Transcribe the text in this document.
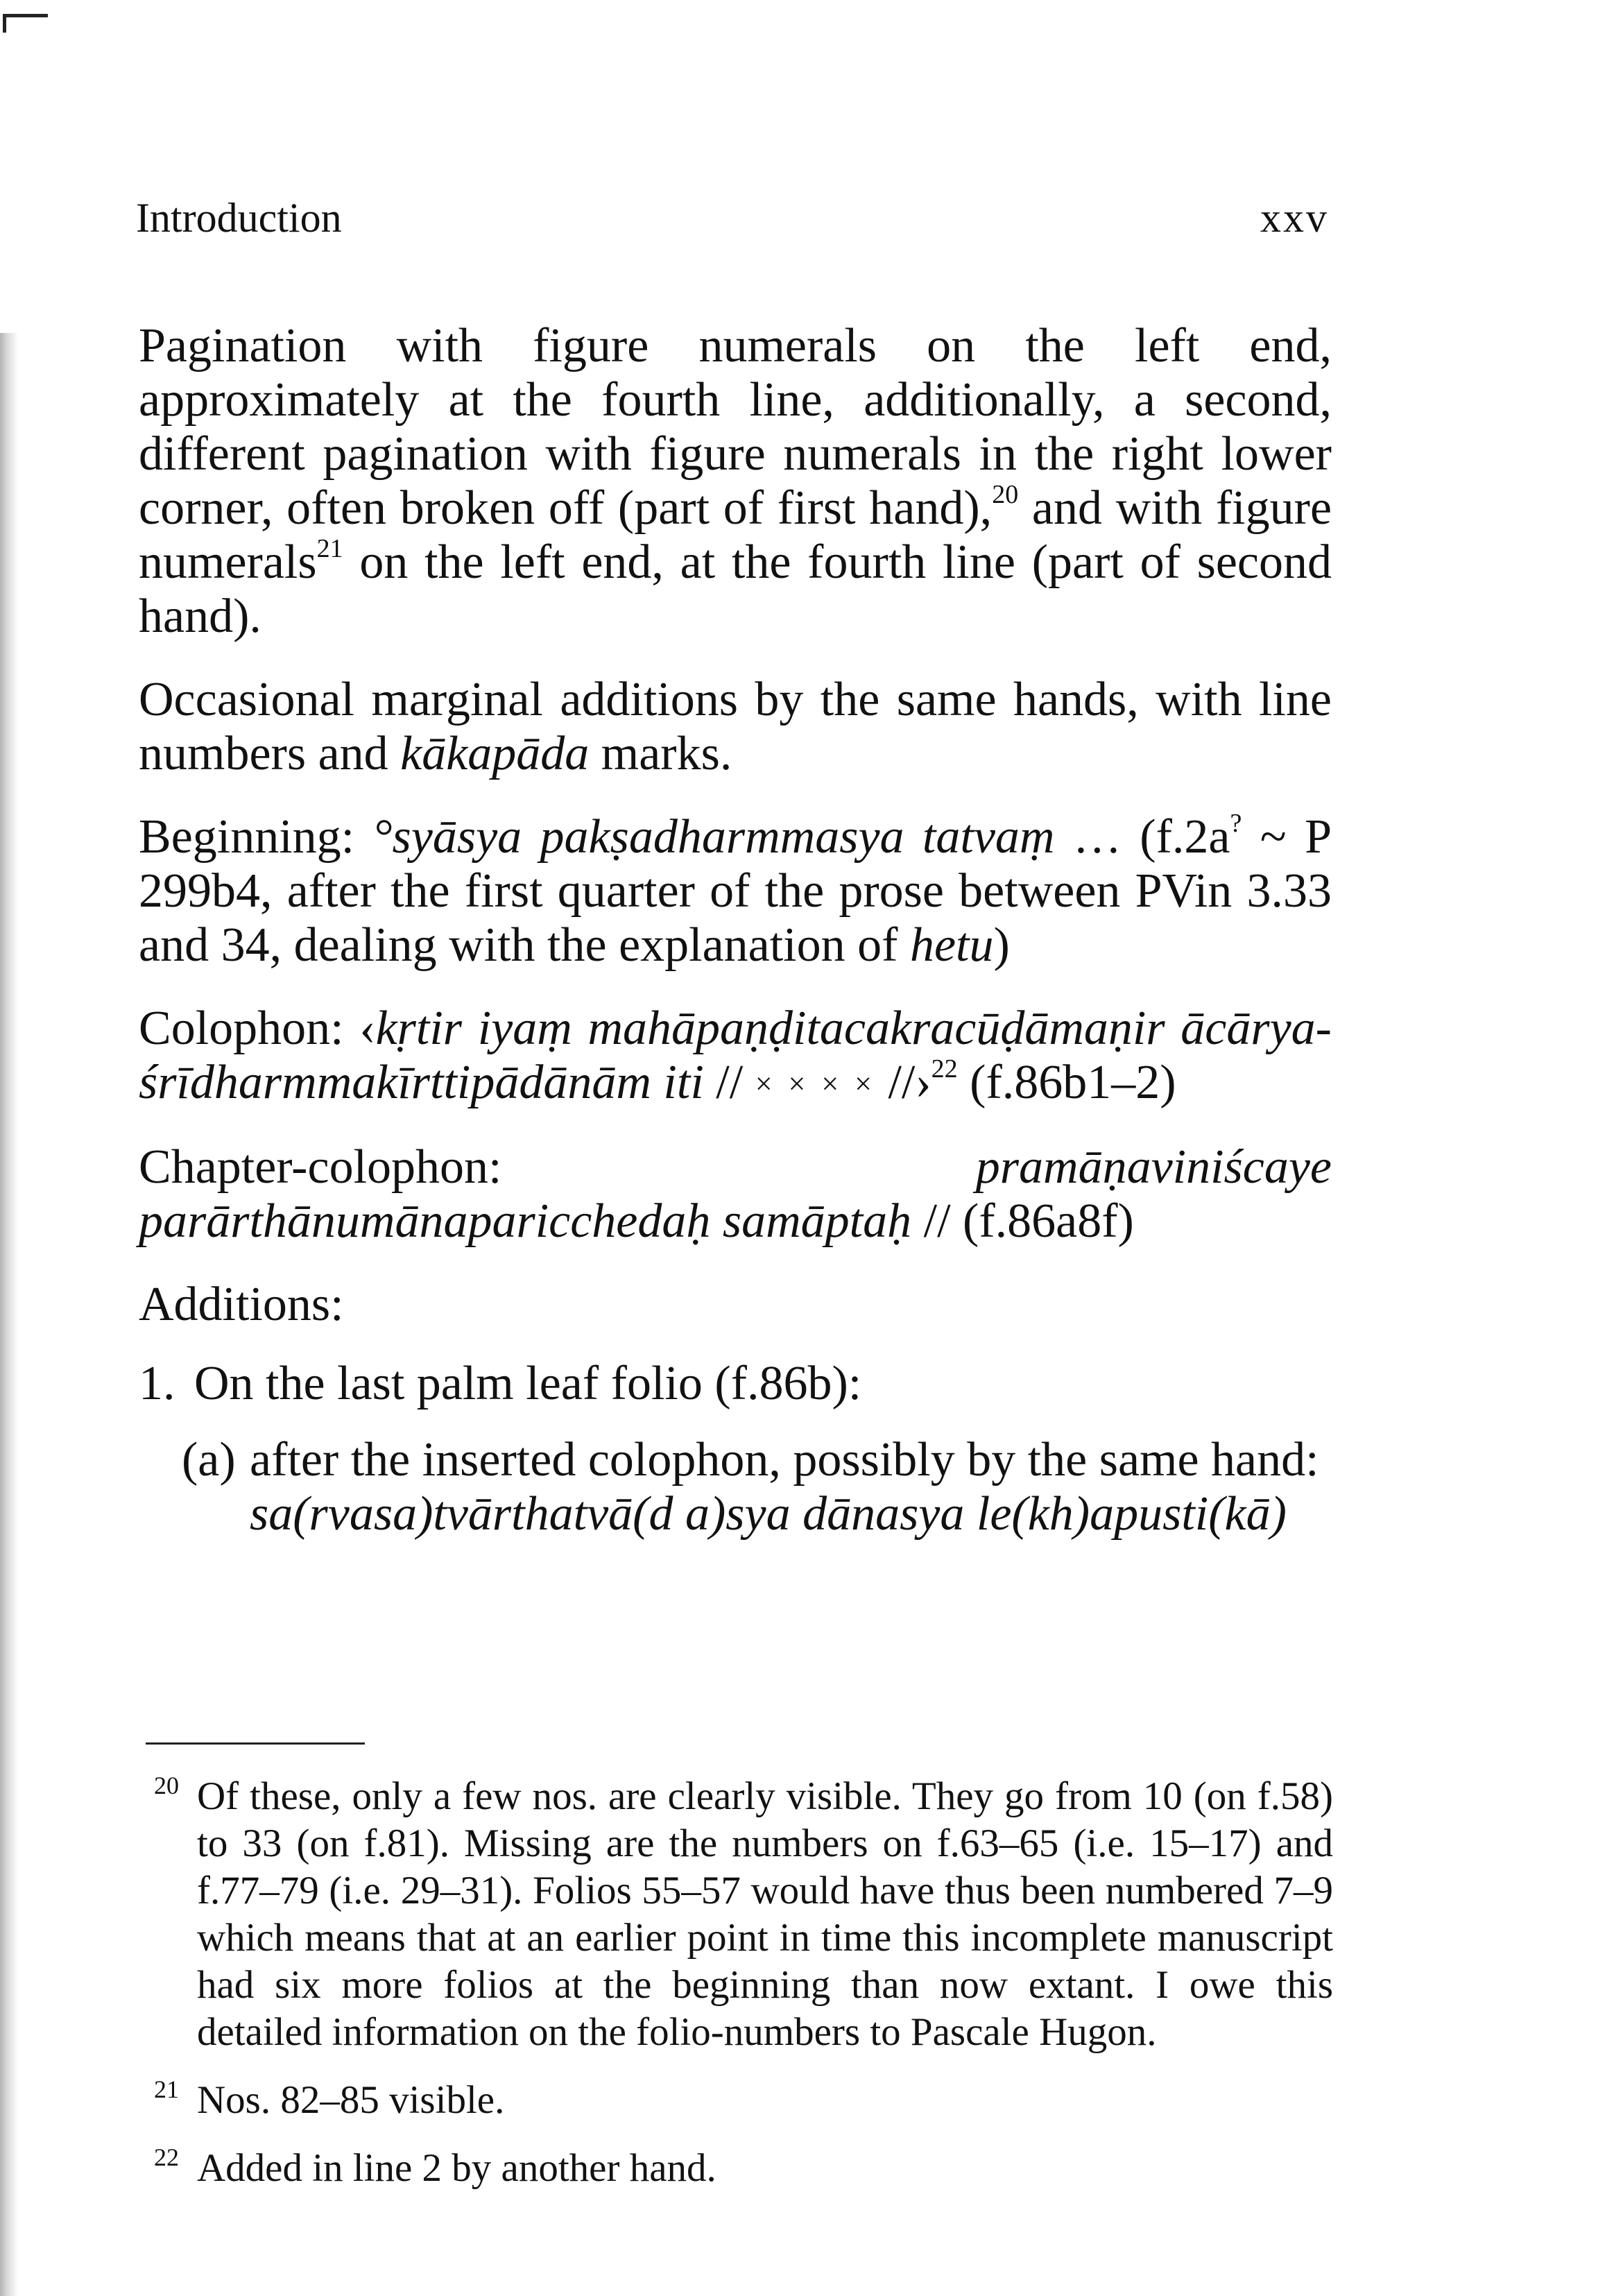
Introduction	xxv

Pagination with figure numerals on the left end, approximately at the fourth line, additionally, a second, different pagination with figure numerals in the right lower corner, often broken off (part of first hand),$^{20}$ and with figure numerals$^{21}$ on the left end, at the fourth line (part of second hand).

Occasional marginal additions by the same hands, with line numbers and kākapāda marks.

Beginning: °syāsya pakṣadharmmasya tatvaṃ … (f.2a? ~ P 299b4, after the first quarter of the prose between PVin 3.33 and 34, dealing with the explanation of hetu)

Colophon: ‹kṛtir iyaṃ mahāpaṇḍitacakracūḍāmaṇir ācārya-śrīdharmmakīrttipādānām iti // × × × × //›$^{22}$ (f.86b1–2)

Chapter-colophon: pramāṇaviniścaye parārthānumānaparicchedaḥ samāptaḥ // (f.86a8f)

Additions:

1. On the last palm leaf folio (f.86b):
(a) after the inserted colophon, possibly by the same hand:
sa(rvasa)tvārthatvā(d a)sya dānasya le(kh)apusti(kā)
20 Of these, only a few nos. are clearly visible. They go from 10 (on f.58) to 33 (on f.81). Missing are the numbers on f.63–65 (i.e. 15–17) and f.77–79 (i.e. 29–31). Folios 55–57 would have thus been numbered 7–9 which means that at an earlier point in time this incomplete manuscript had six more folios at the beginning than now extant. I owe this detailed information on the folio-numbers to Pascale Hugon.
21 Nos. 82–85 visible.
22 Added in line 2 by another hand.
